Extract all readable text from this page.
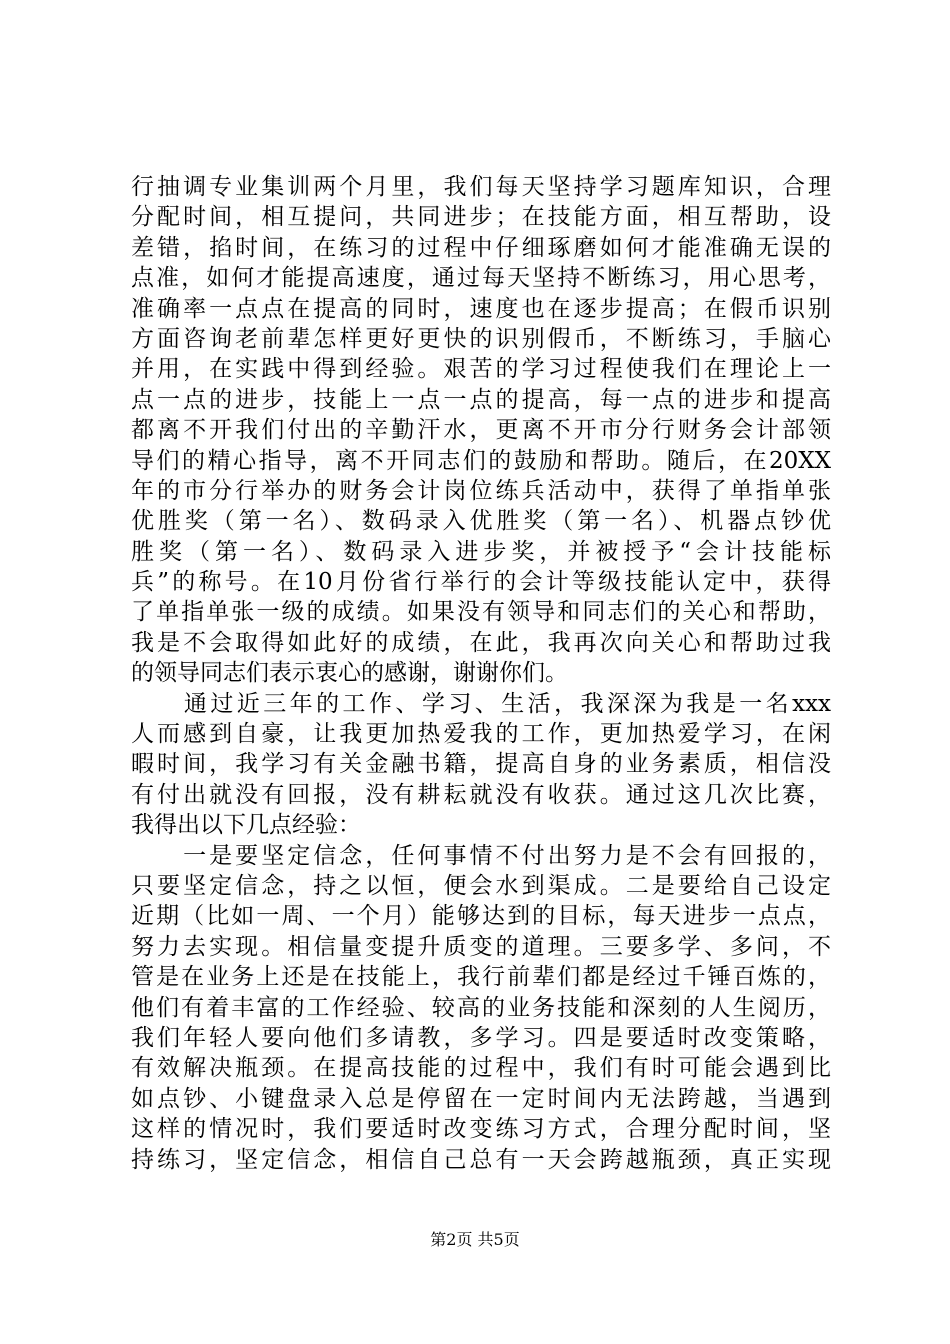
行抽调专业集训两个月里，我们每天坚持学习题库知识，合理
分配时间，相互提问，共同进步；在技能方面，相互帮助，设
差错，掐时间，在练习的过程中仔细琢磨如何才能准确无误的
点准，如何才能提高速度，通过每天坚持不断练习，用心思考，
准确率一点点在提高的同时，速度也在逐步提高；在假币识别
方面咨询老前辈怎样更好更快的识别假币，不断练习，手脑心
并用，在实践中得到经验。艰苦的学习过程使我们在理论上一
点一点的进步，技能上一点一点的提高，每一点的进步和提高
都离不开我们付出的辛勤汗水，更离不开市分行财务会计部领
导们的精心指导，离不开同志们的鼓励和帮助。随后，在20XX
年的市分行举办的财务会计岗位练兵活动中，获得了单指单张
优胜奖（第一名）、数码录入优胜奖（第一名）、机器点钞优
胜奖（第一名）、数码录入进步奖，并被授予“会计技能标
兵”的称号。在10月份省行举行的会计等级技能认定中，获得
了单指单张一级的成绩。如果没有领导和同志们的关心和帮助，
我是不会取得如此好的成绩，在此，我再次向关心和帮助过我
的领导同志们表示衷心的感谢，谢谢你们。
　　通过近三年的工作、学习、生活，我深深为我是一名xxx
人而感到自豪，让我更加热爱我的工作，更加热爱学习，在闲
暇时间，我学习有关金融书籍，提高自身的业务素质，相信没
有付出就没有回报，没有耕耘就没有收获。通过这几次比赛，
我得出以下几点经验：
　　一是要坚定信念，任何事情不付出努力是不会有回报的，
只要坚定信念，持之以恒，便会水到渠成。二是要给自己设定
近期（比如一周、一个月）能够达到的目标，每天进步一点点，
努力去实现。相信量变提升质变的道理。三要多学、多问，不
管是在业务上还是在技能上，我行前辈们都是经过千锤百炼的，
他们有着丰富的工作经验、较高的业务技能和深刻的人生阅历，
我们年轻人要向他们多请教，多学习。四是要适时改变策略，
有效解决瓶颈。在提高技能的过程中，我们有时可能会遇到比
如点钞、小键盘录入总是停留在一定时间内无法跨越，当遇到
这样的情况时，我们要适时改变练习方式，合理分配时间，坚
持练习，坚定信念，相信自己总有一天会跨越瓶颈，真正实现
第2页 共5页
